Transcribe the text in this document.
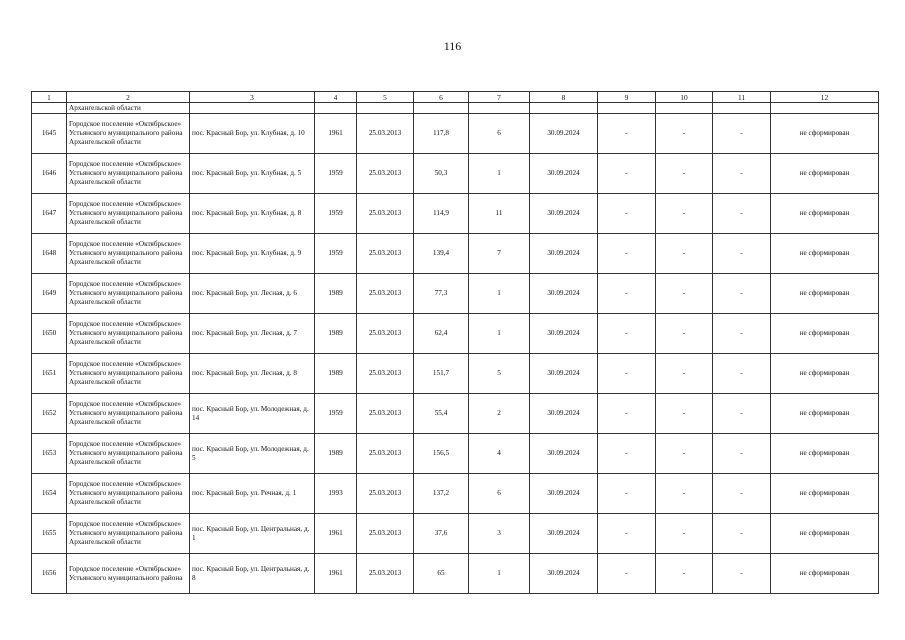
116
1	2	3	4	5	6	7	8	9	10	11	12
	Архангельской области										
1645	Городское поселение «Октябрьское» Устьянского муниципального района Архангельской области	пос. Красный Бор, ул. Клубная, д. 10	1961	25.03.2013	117,8	6	30.09.2024	-	-	-	не сформирован
1646	Городское поселение «Октябрьское» Устьянского муниципального района Архангельской области	пос. Красный Бор, ул. Клубная, д. 5	1959	25.03.2013	50,3	1	30.09.2024	-	-	-	не сформирован
1647	Городское поселение «Октябрьское» Устьянского муниципального района Архангельской области	пос. Красный Бор, ул. Клубная, д. 8	1959	25.03.2013	114,9	11	30.09.2024	-	-	-	не сформирован
1648	Городское поселение «Октябрьское» Устьянского муниципального района Архангельской области	пос. Красный Бор, ул. Клубная, д. 9	1959	25.03.2013	139,4	7	30.09.2024	-	-	-	не сформирован
1649	Городское поселение «Октябрьское» Устьянского муниципального района Архангельской области	пос. Красный Бор, ул. Лесная, д. 6	1989	25.03.2013	77,3	1	30.09.2024	-	-	-	не сформирован
1650	Городское поселение «Октябрьское» Устьянского муниципального района Архангельской области	пос. Красный Бор, ул. Лесная, д. 7	1989	25.03.2013	62,4	1	30.09.2024	-	-	-	не сформирован
1651	Городское поселение «Октябрьское» Устьянского муниципального района Архангельской области	пос. Красный Бор, ул. Лесная, д. 8	1989	25.03.2013	151,7	5	30.09.2024	-	-	-	не сформирован
1652	Городское поселение «Октябрьское» Устьянского муниципального района Архангельской области	пос. Красный Бор, ул. Молодежная, д. 14	1959	25.03.2013	55,4	2	30.09.2024	-	-	-	не сформирован
1653	Городское поселение «Октябрьское» Устьянского муниципального района Архангельской области	пос. Красный Бор, ул. Молодежная, д. 5	1989	25.03.2013	156,5	4	30.09.2024	-	-	-	не сформирован
1654	Городское поселение «Октябрьское» Устьянского муниципального района Архангельской области	пос. Красный Бор, ул. Речная, д. 1	1993	25.03.2013	137,2	6	30.09.2024	-	-	-	не сформирован
1655	Городское поселение «Октябрьское» Устьянского муниципального района Архангельской области	пос. Красный Бор, ул. Центральная, д. 1	1961	25.03.2013	37,6	3	30.09.2024	-	-	-	не сформирован
1656	Городское поселение «Октябрьское» Устьянского муниципального района	пос. Красный Бор, ул. Центральная, д. 8	1961	25.03.2013	65	1	30.09.2024	-	-	-	не сформирован
